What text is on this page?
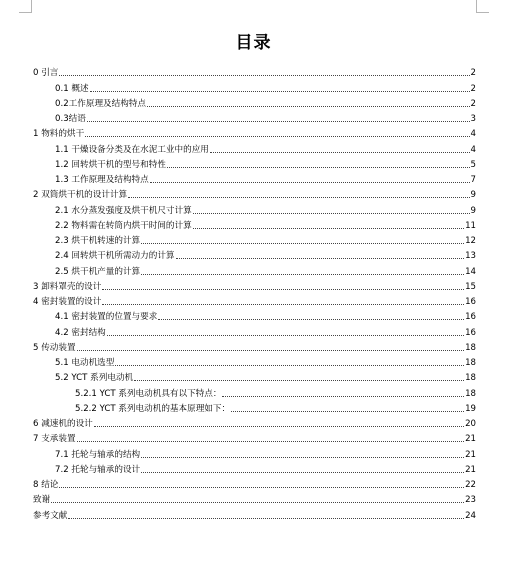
目录
0 引言	2
0.1 概述	2
0.2工作原理及结构特点	2
0.3结语	3
1 物料的烘干	4
1.1 干燥设备分类及在水泥工业中的应用	4
1.2 回转烘干机的型号和特性	5
1.3 工作原理及结构特点	7
2 双筒烘干机的设计计算	9
2.1 水分蒸发强度及烘干机尺寸计算	9
2.2 物料需在转筒内烘干时间的计算	11
2.3 烘干机转速的计算	12
2.4 回转烘干机所需动力的计算	13
2.5 烘干机产量的计算	14
3 卸料罩壳的设计	15
4 密封装置的设计	16
4.1 密封装置的位置与要求	16
4.2 密封结构	16
5 传动装置	18
5.1 电动机选型	18
5.2 YCT 系列电动机	18
5.2.1 YCT 系列电动机具有以下特点：	18
5.2.2 YCT 系列电动机的基本原理如下：	19
6 减速机的设计	20
7 支承装置	21
7.1 托轮与轴承的结构	21
7.2 托轮与轴承的设计	21
8 结论	22
致谢	23
参考文献	24
